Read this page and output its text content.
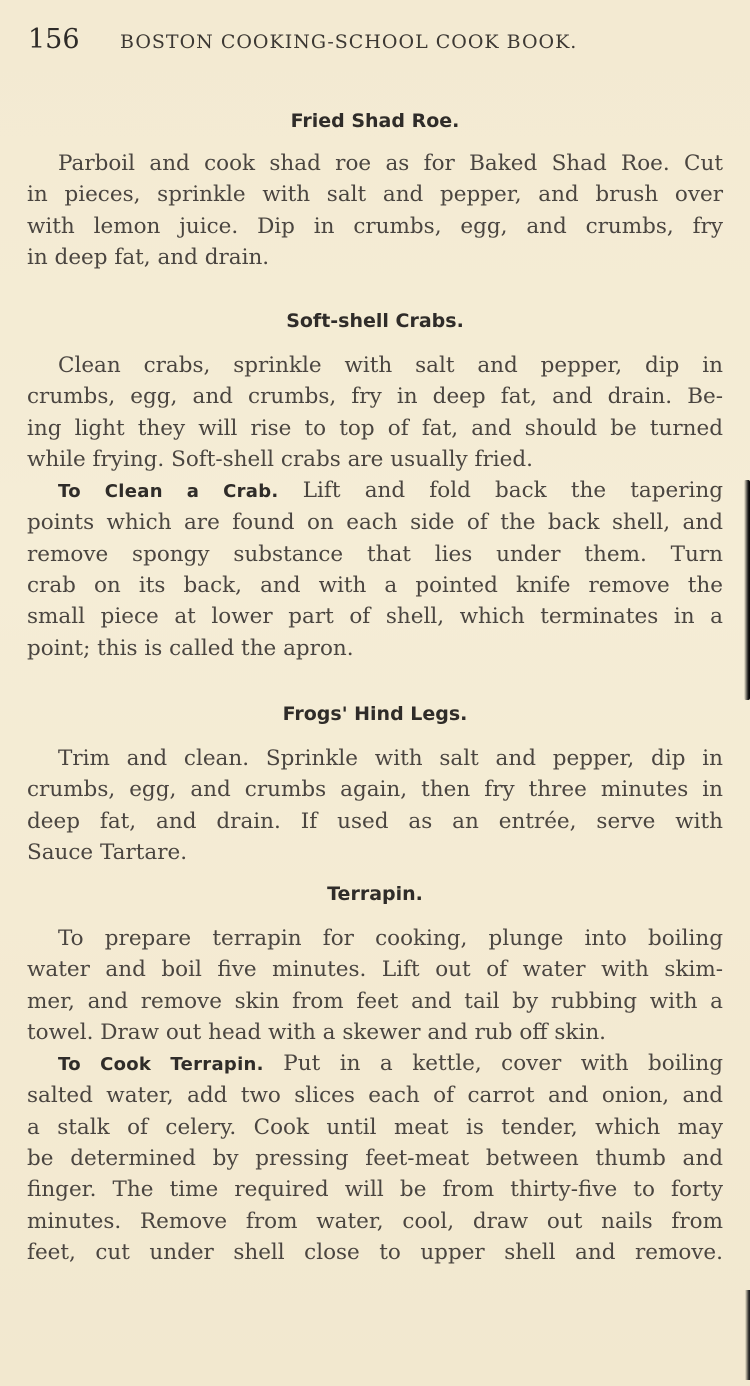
156	BOSTON COOKING-SCHOOL COOK BOOK.
Fried Shad Roe.
Parboil and cook shad roe as for Baked Shad Roe. Cut
in pieces, sprinkle with salt and pepper, and brush over
with lemon juice. Dip in crumbs, egg, and crumbs, fry
in deep fat, and drain.
Soft-shell Crabs.
Clean crabs, sprinkle with salt and pepper, dip in
crumbs, egg, and crumbs, fry in deep fat, and drain. Be-
ing light they will rise to top of fat, and should be turned
while frying. Soft-shell crabs are usually fried.
To Clean a Crab. Lift and fold back the tapering
points which are found on each side of the back shell, and
remove spongy substance that lies under them. Turn
crab on its back, and with a pointed knife remove the
small piece at lower part of shell, which terminates in a
point; this is called the apron.
Frogs' Hind Legs.
Trim and clean. Sprinkle with salt and pepper, dip in
crumbs, egg, and crumbs again, then fry three minutes in
deep fat, and drain. If used as an entrée, serve with
Sauce Tartare.
Terrapin.
To prepare terrapin for cooking, plunge into boiling
water and boil five minutes. Lift out of water with skim-
mer, and remove skin from feet and tail by rubbing with a
towel. Draw out head with a skewer and rub off skin.
To Cook Terrapin. Put in a kettle, cover with boiling
salted water, add two slices each of carrot and onion, and
a stalk of celery. Cook until meat is tender, which may
be determined by pressing feet-meat between thumb and
finger. The time required will be from thirty-five to forty
minutes. Remove from water, cool, draw out nails from
feet, cut under shell close to upper shell and remove.
